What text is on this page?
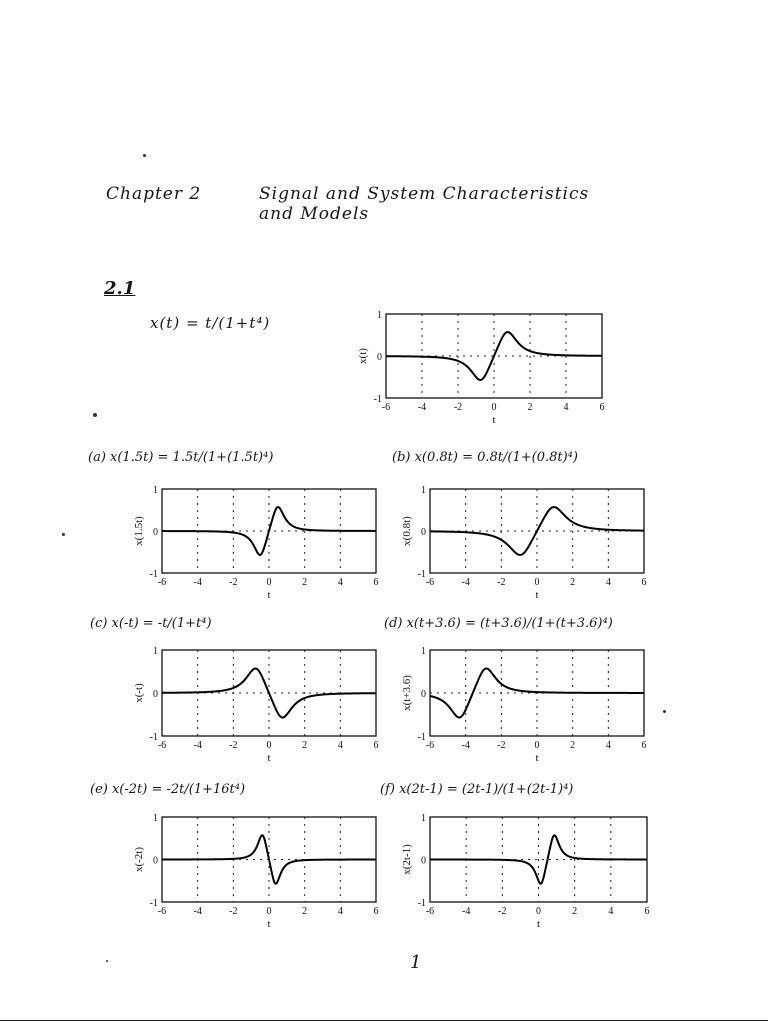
Chapter 2	Signal and System Characteristics
and Models
2.1
x(t) = t/(1+t⁴)
(a) x(1.5t) = 1.5t/(1+(1.5t)⁴)	(b) x(0.8t) = 0.8t/(1+(0.8t)⁴)
(c) x(-t) = -t/(1+t⁴)	(d) x(t+3.6) = (t+3.6)/(1+(t+3.6)⁴)
(e) x(-2t) = -2t/(1+16t⁴)	(f) x(2t-1) = (2t-1)/(1+(2t-1)⁴)
1
-6	-4	-2	0	2	4	6
-1
0
1
t
x(t)
-6	-4	-2	0	2	4	6
-1
0
1
t
x(1.5t)
-6	-4	-2	0	2	4	6
-1
0
1
t
x(0.8t)
-6	-4	-2	0	2	4	6
-1
0
1
t
x(-t)
-6	-4	-2	0	2	4	6
-1
0
1
t
x(t+3.6)
-6	-4	-2	0	2	4	6
-1
0
1
t
x(-2t)
-6	-4	-2	0	2	4	6
-1
0
1
t
x(2t-1)
